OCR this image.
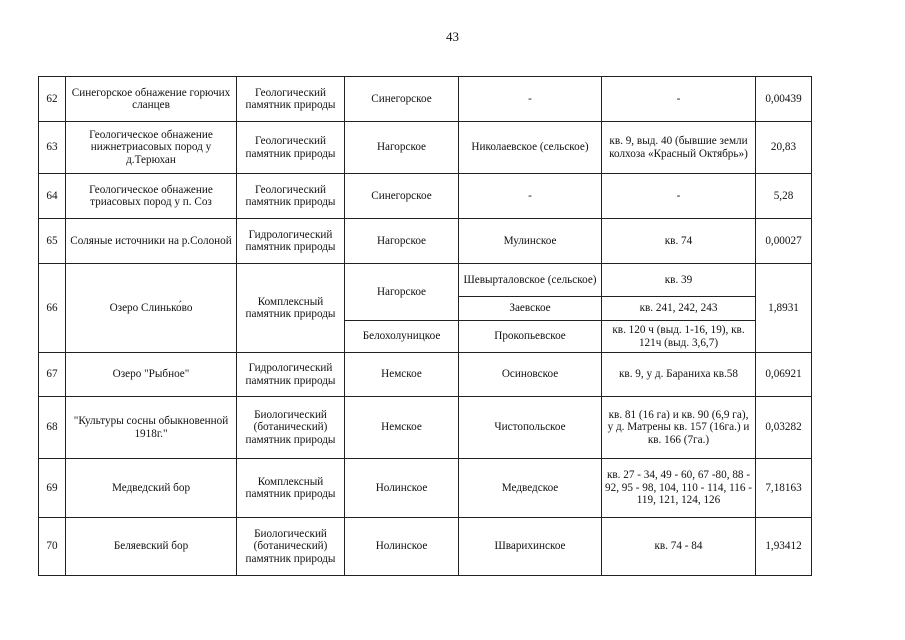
43
62	Синегорское обнажение горючих сланцев	Геологический памятник природы	Синегорское	-	-	0,00439
63	Геологическое обнажение нижнетриасовых пород у д.Терюхан	Геологический памятник природы	Нагорское	Николаевское (сельское)	кв. 9, выд. 40 (бывшие земли колхоза «Красный Октябрь»)	20,83
64	Геологическое обнажение триасовых пород у п. Соз	Геологический памятник природы	Синегорское	-	-	5,28
65	Соляные источники на р.Солоной	Гидрологический памятник природы	Нагорское	Мулинское	кв. 74	0,00027
66	Озеро Слинько́во	Комплексный памятник природы	Нагорское	Шевырталовское (сельское)	кв. 39	1,8931
				Заевское	кв. 241, 242, 243	
			Белохолуницкое	Прокопьевское	кв. 120 ч (выд. 1-16, 19), кв. 121ч (выд. 3,6,7)	
67	Озеро "Рыбное"	Гидрологический памятник природы	Немское	Осиновское	кв. 9, у д. Бараниха кв.58	0,06921
68	"Культуры сосны обыкновенной 1918г."	Биологический (ботанический) памятник природы	Немское	Чистопольское	кв. 81 (16 га) и кв. 90 (6,9 га), у д. Матрены кв. 157 (16га.) и кв. 166 (7га.)	0,03282
69	Медведский бор	Комплексный памятник природы	Нолинское	Медведское	кв. 27 - 34, 49 - 60, 67 -80, 88 - 92, 95 - 98, 104, 110 - 114, 116 - 119, 121, 124, 126	7,18163
70	Беляевский бор	Биологический (ботанический) памятник природы	Нолинское	Шварихинское	кв. 74 - 84	1,93412
